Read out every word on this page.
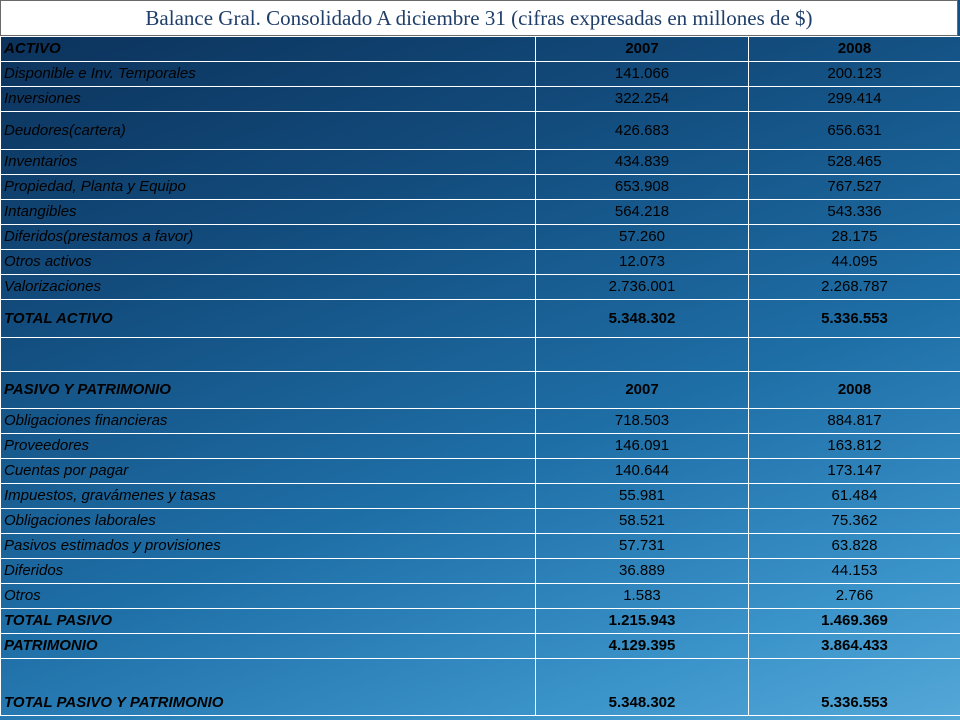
Balance Gral. Consolidado A diciembre 31 (cifras expresadas en millones de $)
ACTIVO	2007	2008
Disponible e Inv. Temporales	141.066	200.123
Inversiones	322.254	299.414
Deudores(cartera)	426.683	656.631
Inventarios	434.839	528.465
Propiedad, Planta y Equipo	653.908	767.527
Intangibles	564.218	543.336
Diferidos(prestamos a favor)	57.260	28.175
Otros activos	12.073	44.095
Valorizaciones	2.736.001	2.268.787
TOTAL ACTIVO	5.348.302	5.336.553

PASIVO Y PATRIMONIO	2007	2008
Obligaciones financieras	718.503	884.817
Proveedores	146.091	163.812
Cuentas por pagar	140.644	173.147
Impuestos, gravámenes y tasas	55.981	61.484
Obligaciones laborales	58.521	75.362
Pasivos estimados y provisiones	57.731	63.828
Diferidos	36.889	44.153
Otros	1.583	2.766
TOTAL PASIVO	1.215.943	1.469.369
PATRIMONIO	4.129.395	3.864.433
TOTAL PASIVO Y PATRIMONIO	5.348.302	5.336.553
